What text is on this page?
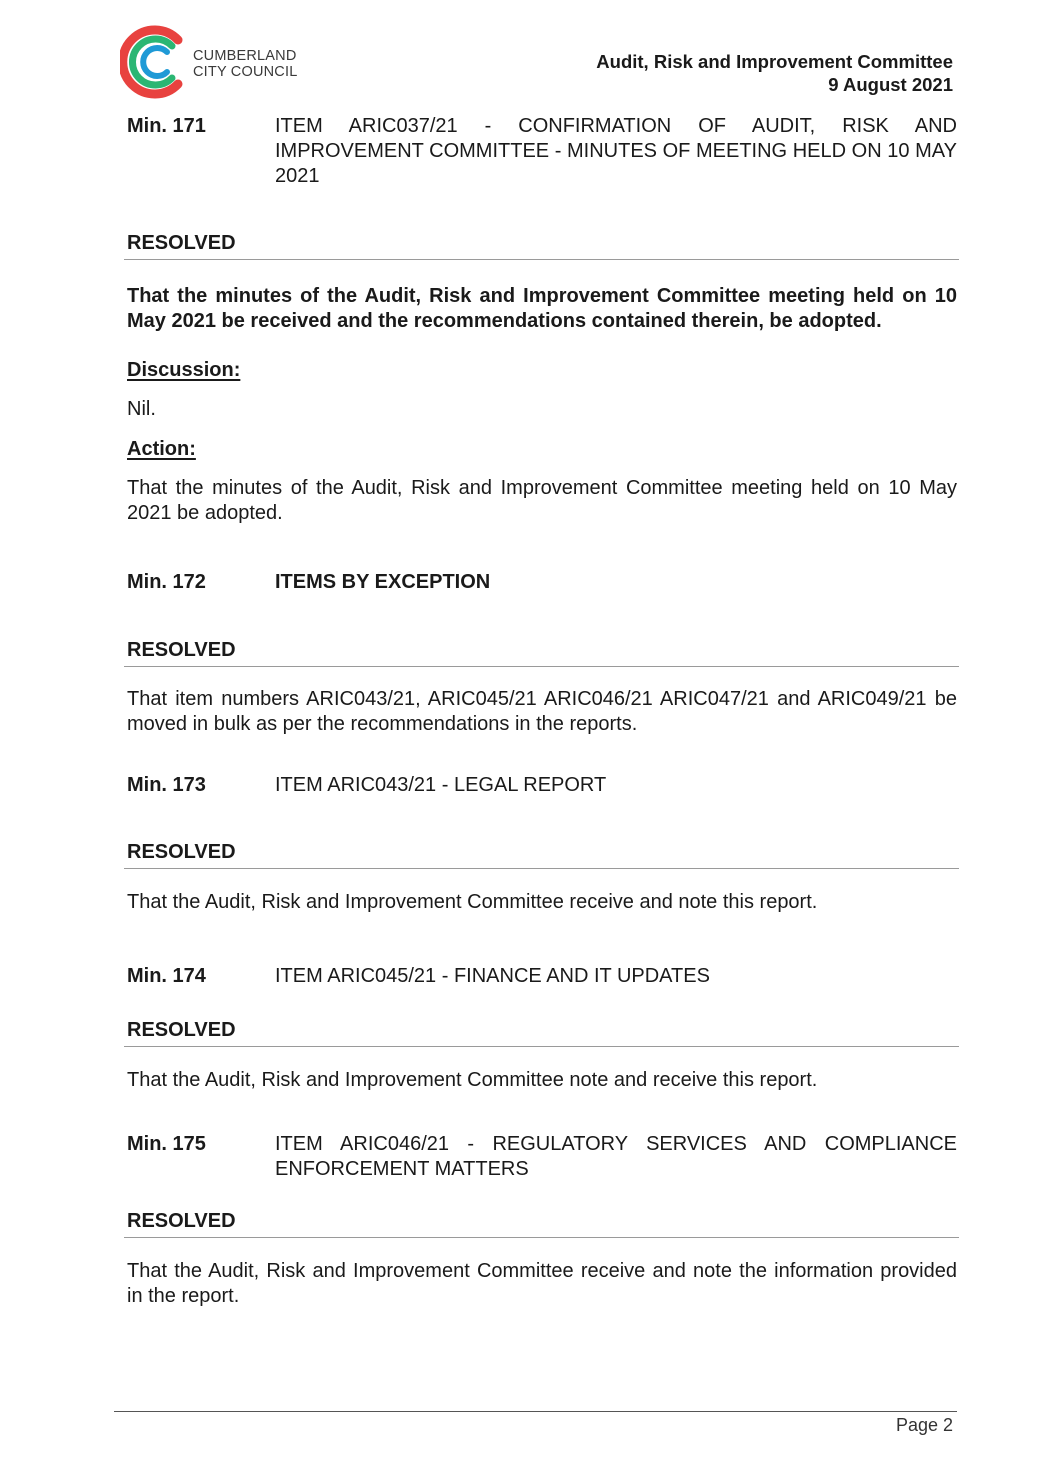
CUMBERLAND
CITY COUNCIL	Audit, Risk and Improvement Committee
9 August 2021
Min. 171	ITEM ARIC037/21 - CONFIRMATION OF AUDIT, RISK AND IMPROVEMENT COMMITTEE - MINUTES OF MEETING HELD ON 10 MAY 2021
RESOLVED
That the minutes of the Audit, Risk and Improvement Committee meeting held on 10 May 2021 be received and the recommendations contained therein, be adopted.
Discussion:
Nil.
Action:
That the minutes of the Audit, Risk and Improvement Committee meeting held on 10 May 2021 be adopted.
Min. 172	ITEMS BY EXCEPTION
RESOLVED
That item numbers ARIC043/21, ARIC045/21 ARIC046/21 ARIC047/21 and ARIC049/21 be moved in bulk as per the recommendations in the reports.
Min. 173	ITEM ARIC043/21 - LEGAL REPORT
RESOLVED
That the Audit, Risk and Improvement Committee receive and note this report.
Min. 174	ITEM ARIC045/21 - FINANCE AND IT UPDATES
RESOLVED
That the Audit, Risk and Improvement Committee note and receive this report.
Min. 175	ITEM ARIC046/21 - REGULATORY SERVICES AND COMPLIANCE ENFORCEMENT MATTERS
RESOLVED
That the Audit, Risk and Improvement Committee receive and note the information provided in the report.
Page 2
